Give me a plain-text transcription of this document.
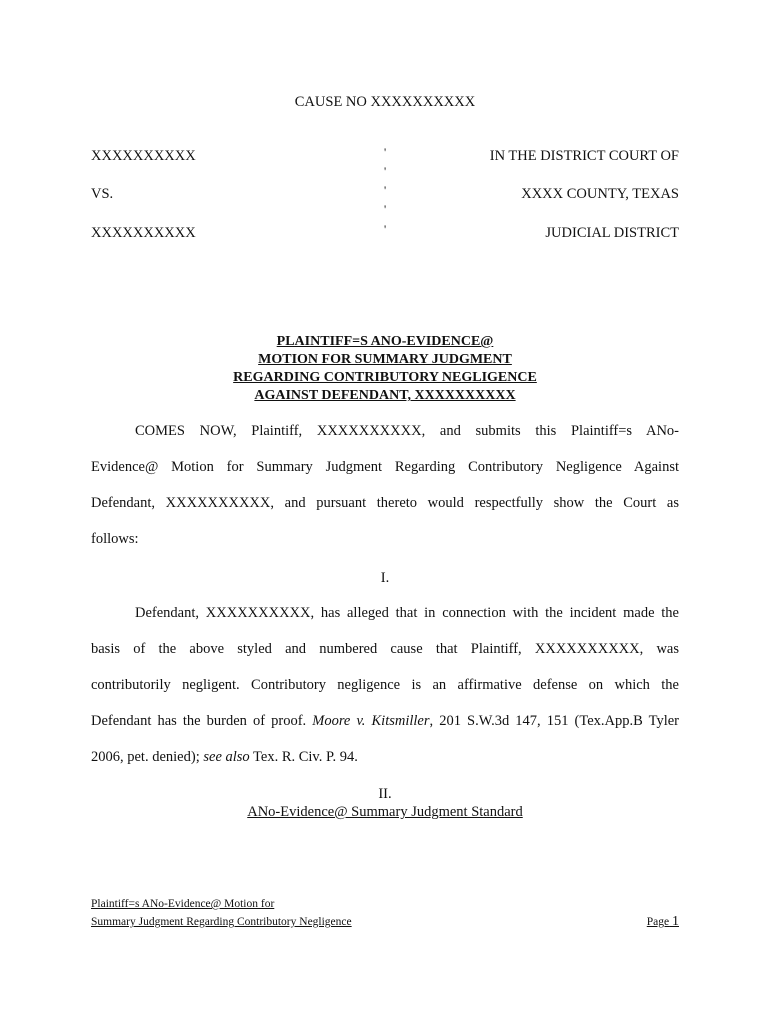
CAUSE NO XXXXXXXXXX
XXXXXXXXXX
VS.
XXXXXXXXXX
'
'
'
'
'
IN THE DISTRICT COURT OF
XXXX COUNTY, TEXAS
JUDICIAL DISTRICT
PLAINTIFF=S ANO-EVIDENCE@
MOTION FOR SUMMARY JUDGMENT
REGARDING CONTRIBUTORY NEGLIGENCE
AGAINST DEFENDANT, XXXXXXXXXX
COMES NOW, Plaintiff, XXXXXXXXXX, and submits this Plaintiff=s ANo-
Evidence@ Motion for Summary Judgment Regarding Contributory Negligence Against
Defendant, XXXXXXXXXX, and pursuant thereto would respectfully show the Court as
follows:
I.
Defendant, XXXXXXXXXX, has alleged that in connection with the incident made the
basis of the above styled and numbered cause that Plaintiff, XXXXXXXXXX, was
contributorily negligent. Contributory negligence is an affirmative defense on which the
Defendant has the burden of proof. Moore v. Kitsmiller, 201 S.W.3d 147, 151 (Tex.App.B Tyler
2006, pet. denied); see also Tex. R. Civ. P. 94.
II.
ANo-Evidence@ Summary Judgment Standard
Plaintiff=s ANo-Evidence@ Motion for
Summary Judgment Regarding Contributory Negligence	Page 1
